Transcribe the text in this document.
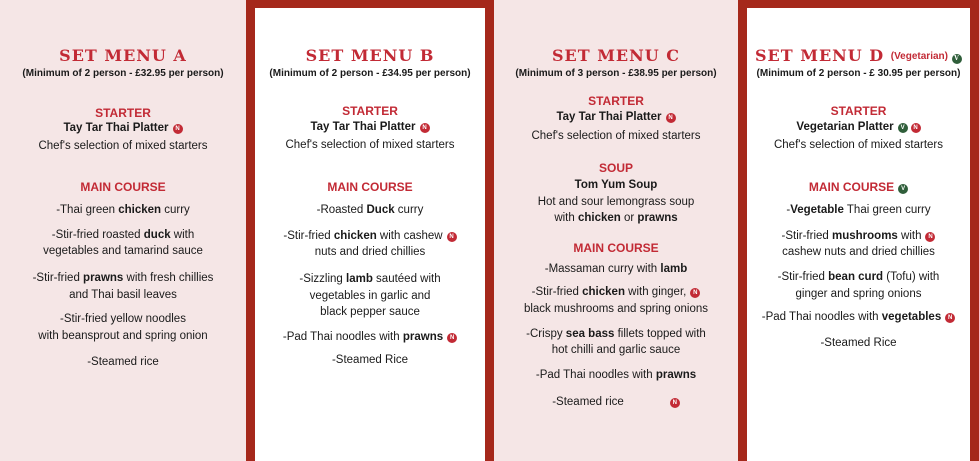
SET MENU A
(Minimum of 2 person - £32.95 per person)
STARTER
Tay Tar Thai Platter N
Chef's selection of mixed starters
MAIN COURSE
-Thai green chicken curry
-Stir-fried roasted duck with
vegetables and tamarind sauce
-Stir-fried prawns with fresh chillies
and Thai basil leaves
-Stir-fried yellow noodles
with beansprout and spring onion
-Steamed rice
SET MENU B
(Minimum of 2 person - £34.95 per person)
STARTER
Tay Tar Thai Platter N
Chef's selection of mixed starters
MAIN COURSE
-Roasted Duck curry
-Stir-fried chicken with cashew N
nuts and dried chillies
-Sizzling lamb sautéed with
vegetables in garlic and
black pepper sauce
-Pad Thai noodles with prawns N
-Steamed Rice
SET MENU C
(Minimum of 3 person - £38.95 per person)
STARTER
Tay Tar Thai Platter N
Chef's selection of mixed starters
SOUP
Tom Yum Soup
Hot and sour lemongrass soup
with chicken or prawns
MAIN COURSE
-Massaman curry with lamb
-Stir-fried chicken with ginger, N
black mushrooms and spring onions
-Crispy sea bass fillets topped with
hot chilli and garlic sauce
-Pad Thai noodles with prawns
-Steamed rice	N
SET MENU D (Vegetarian) V
(Minimum of 2 person - £ 30.95 per person)
STARTER
Vegetarian Platter V N
Chef's selection of mixed starters
MAIN COURSE V
-Vegetable Thai green curry
-Stir-fried mushrooms with N
cashew nuts and dried chillies
-Stir-fried bean curd (Tofu) with
ginger and spring onions
-Pad Thai noodles with vegetables N
-Steamed Rice
